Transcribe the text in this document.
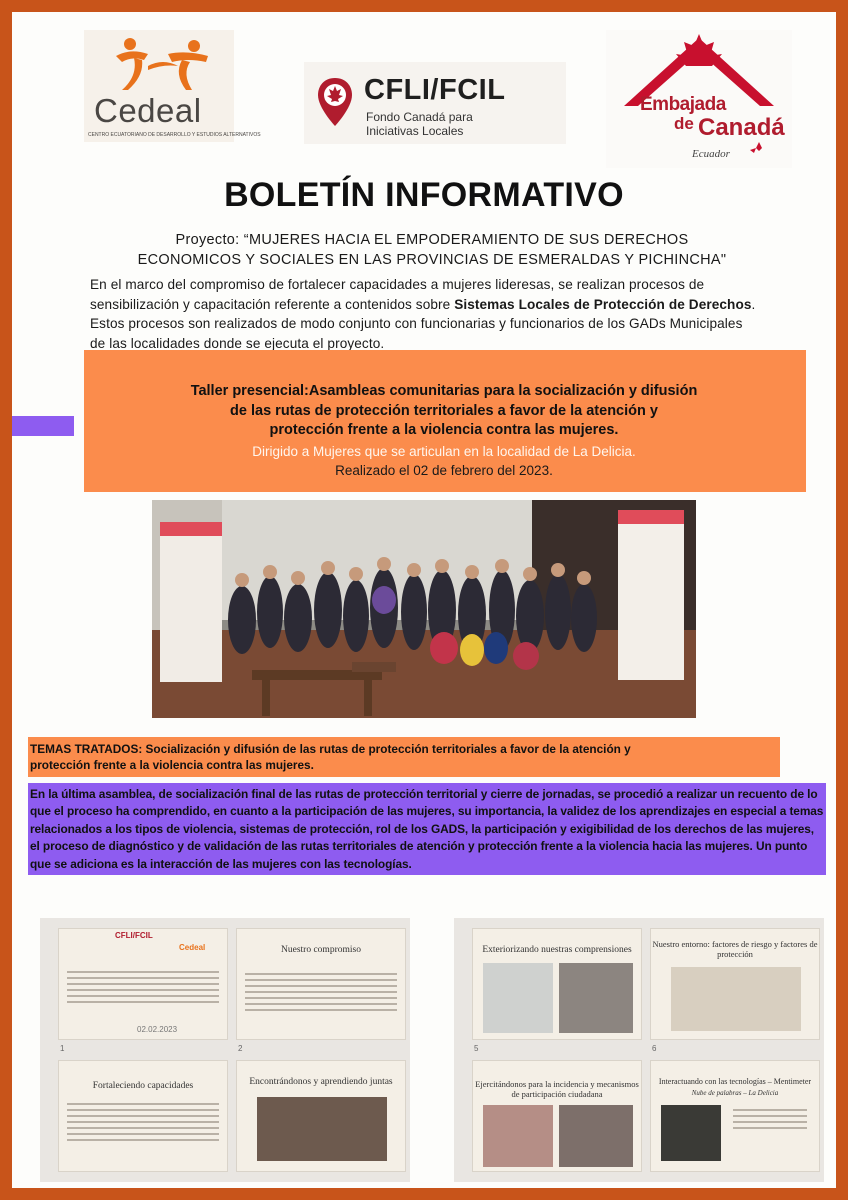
Cedeal
CENTRO ECUATORIANO DE DESARROLLO Y ESTUDIOS ALTERNATIVOS
CFLI/FCIL
Fondo Canadá para
Iniciativas Locales
Embajada
de Canadá
Ecuador
BOLETÍN INFORMATIVO
Proyecto: “MUJERES HACIA EL EMPODERAMIENTO DE SUS DERECHOS
ECONOMICOS Y SOCIALES EN LAS PROVINCIAS DE ESMERALDAS Y PICHINCHA"
En el marco del compromiso de fortalecer capacidades a mujeres lideresas, se realizan procesos de sensibilización y capacitación referente a contenidos sobre Sistemas Locales de Protección de Derechos. Estos procesos son realizados de modo conjunto con funcionarias y funcionarios de los GADs Municipales de las localidades donde se ejecuta el proyecto.
Taller presencial:Asambleas comunitarias para la socialización y difusión
de las rutas de protección territoriales a favor de la atención y
protección frente a la violencia contra las mujeres.
Dirigido a Mujeres que se articulan en la localidad de La Delicia.
Realizado el 02 de febrero del 2023.
TEMAS TRATADOS: Socialización y difusión de las rutas de protección territoriales a favor de la atención y protección frente a la violencia contra las mujeres.
En la última asamblea, de socialización final de las rutas de protección territorial y cierre de jornadas, se procedió a realizar un recuento de lo que el proceso ha comprendido, en cuanto a la participación de las mujeres, su importancia, la validez de los aprendizajes en especial a temas relacionados a los tipos de violencia, sistemas de protección, rol de los GADS, la participación y exigibilidad de los derechos de las mujeres, el proceso de diagnóstico y de validación de las rutas territoriales de atención y protección frente a la violencia hacia las mujeres. Un punto que se adiciona es la interacción de las mujeres con las tecnologías.
CFLI/FCIL
Cedeal
02.02.2023
Nuestro compromiso
1	2
Fortaleciendo capacidades	Encontrándonos y aprendiendo juntas
Exteriorizando nuestras comprensiones
Nuestro entorno: factores de riesgo y factores de protección
5	6
Ejercitándonos para la incidencia y mecanismos de participación ciudadana
Interactuando con las tecnologías – Mentimeter
Nube de palabras – La Delicia
